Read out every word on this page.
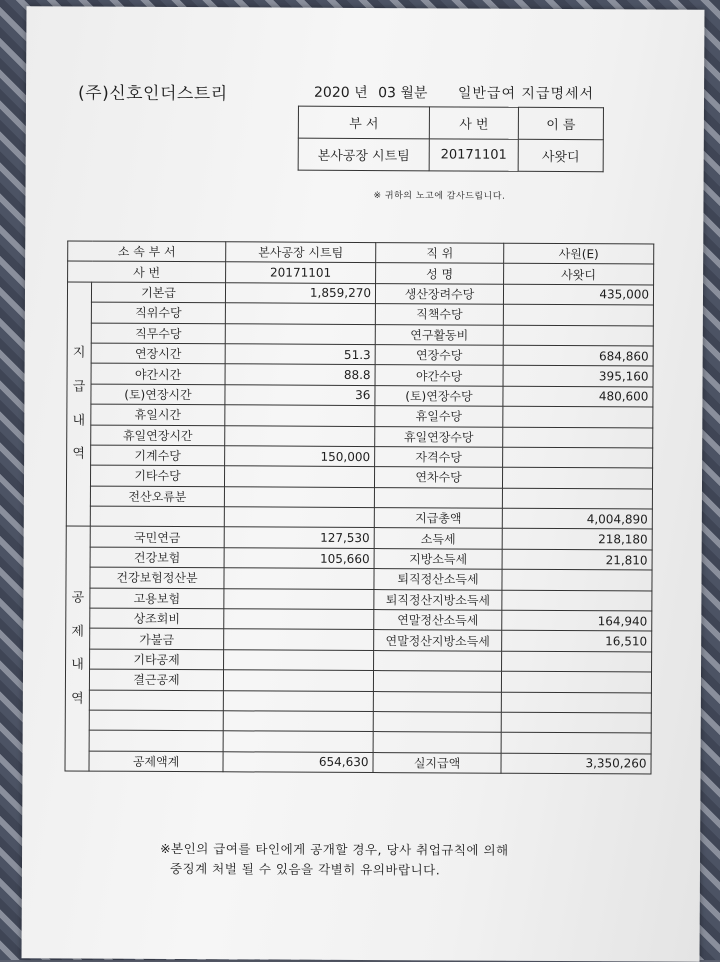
(주)신호인더스트리	2020 년 03 월분 일반급여 지급명세서
부 서	사 번	이 름
본사공장 시트팀	20171101	사왓디
※ 귀하의 노고에 감사드립니다.
소 속 부 서		본사공장 시트팀	직 위	사원(E)
사 번		20171101	성 명	사왓디

지
급
내
역	기본급	1,859,270	생산장려수당	435,000
	직위수당		직책수당	
	직무수당		연구활동비	
	연장시간	51.3	연장수당	684,860
	야간시간	88.8	야간수당	395,160
	(토)연장시간	36	(토)연장수당	480,600
	휴일시간		휴일수당	
	휴일연장시간		휴일연장수당	
	기계수당	150,000	자격수당	
	기타수당		연차수당	
	전산오류분			
			지급총액	4,004,890

공
제
내
역	국민연금	127,530	소득세	218,180
	건강보험	105,660	지방소득세	21,810
	건강보험정산분		퇴직정산소득세	
	고용보험		퇴직정산지방소득세	
	상조회비		연말정산소득세	164,940
	가불금		연말정산지방소득세	16,510
	기타공제			
	결근공제			

	공제액계	654,630	실지급액	3,350,260
※본인의 급여를 타인에게 공개할 경우, 당사 취업규칙에 의해
중징계 처벌 될 수 있음을 각별히 유의바랍니다.
